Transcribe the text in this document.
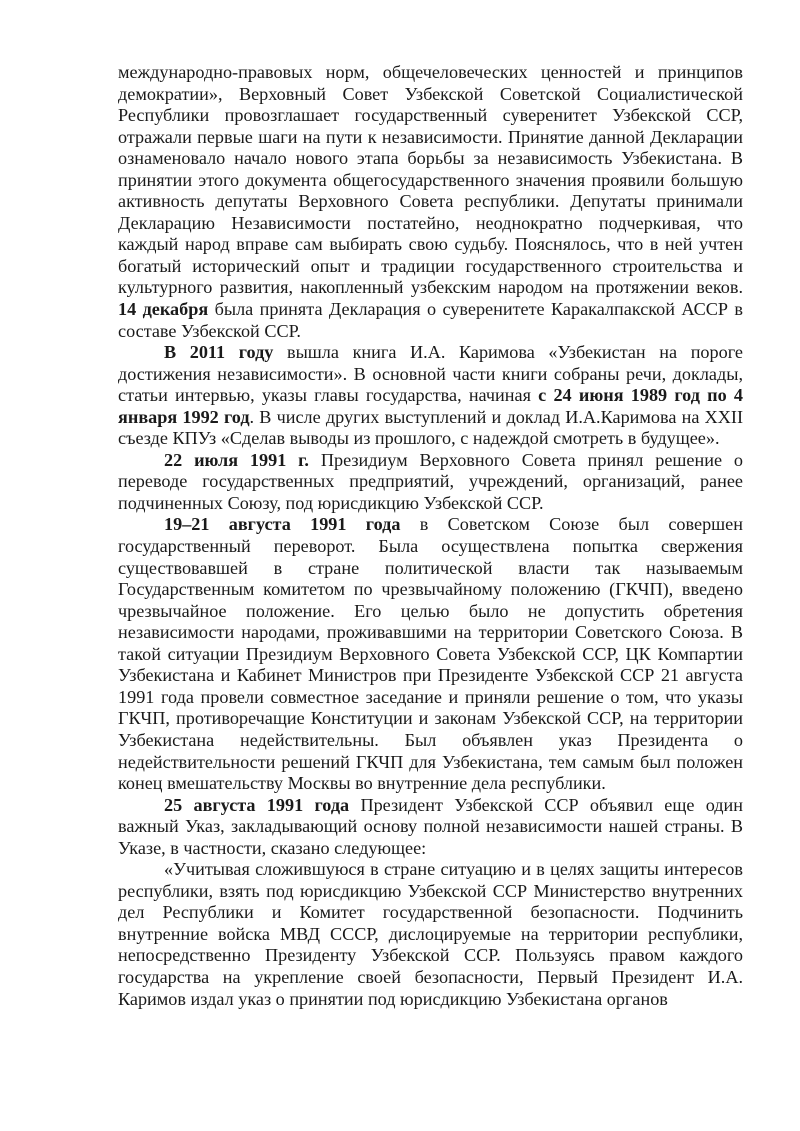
международно-правовых норм, общечеловеческих ценностей и принципов демократии», Верховный Совет Узбекской Советской Социалистической Республики провозглашает государственный суверенитет Узбекской ССР, отражали первые шаги на пути к независимости. Принятие данной Декларации ознаменовало начало нового этапа борьбы за независимость Узбекистана. В принятии этого документа общегосударственного значения проявили большую активность депутаты Верховного Совета республики. Депутаты принимали Декларацию Независимости постатейно, неоднократно подчеркивая, что каждый народ вправе сам выбирать свою судьбу. Пояснялось, что в ней учтен богатый исторический опыт и традиции государственного строительства и культурного развития, накопленный узбекским народом на протяжении веков. 14 декабря была принята Декларация о суверенитете Каракалпакской АССР в составе Узбекской ССР.

В 2011 году вышла книга И.А. Каримова «Узбекистан на пороге достижения независимости». В основной части книги собраны речи, доклады, статьи интервью, указы главы государства, начиная с 24 июня 1989 год по 4 января 1992 год. В числе других выступлений и доклад И.А.Каримова на XXII съезде КПУз «Сделав выводы из прошлого, с надеждой смотреть в будущее».

22 июля 1991 г. Президиум Верховного Совета принял решение о переводе государственных предприятий, учреждений, организаций, ранее подчиненных Союзу, под юрисдикцию Узбекской ССР.

19–21 августа 1991 года в Советском Союзе был совершен государственный переворот. Была осуществлена попытка свержения существовавшей в стране политической власти так называемым Государственным комитетом по чрезвычайному положению (ГКЧП), введено чрезвычайное положение. Его целью было не допустить обретения независимости народами, проживавшими на территории Советского Союза. В такой ситуации Президиум Верховного Совета Узбекской ССР, ЦК Компартии Узбекистана и Кабинет Министров при Президенте Узбекской ССР 21 августа 1991 года провели совместное заседание и приняли решение о том, что указы ГКЧП, противоречащие Конституции и законам Узбекской ССР, на территории Узбекистана недействительны. Был объявлен указ Президента о недействительности решений ГКЧП для Узбекистана, тем самым был положен конец вмешательству Москвы во внутренние дела республики.

25 августа 1991 года Президент Узбекской ССР объявил еще один важный Указ, закладывающий основу полной независимости нашей страны. В Указе, в частности, сказано следующее:

«Учитывая сложившуюся в стране ситуацию и в целях защиты интересов республики, взять под юрисдикцию Узбекской ССР Министерство внутренних дел Республики и Комитет государственной безопасности. Подчинить внутренние войска МВД СССР, дислоцируемые на территории республики, непосредственно Президенту Узбекской ССР. Пользуясь правом каждого государства на укрепление своей безопасности, Первый Президент И.А. Каримов издал указ о принятии под юрисдикцию Узбекистана органов
